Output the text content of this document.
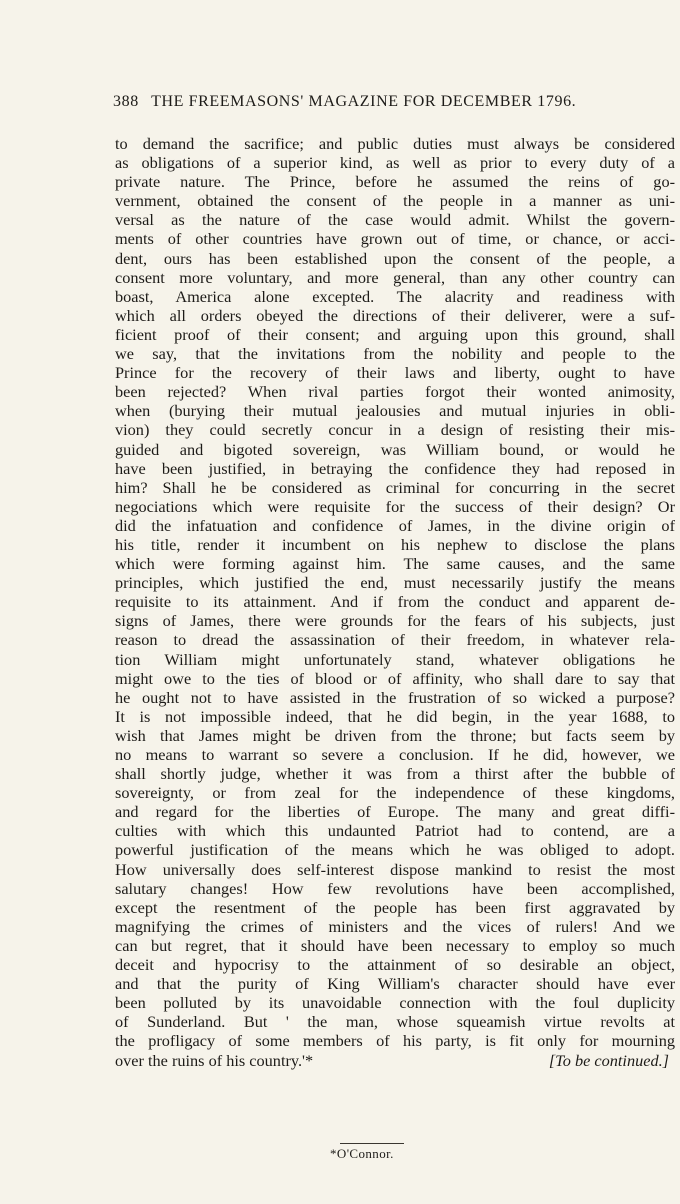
388 THE FREEMASONS' MAGAZINE FOR DECEMBER 1796.
to demand the sacrifice; and public duties must always be considered
as obligations of a superior kind, as well as prior to every duty of a
private nature. The Prince, before he assumed the reins of go-
vernment, obtained the consent of the people in a manner as uni-
versal as the nature of the case would admit. Whilst the govern-
ments of other countries have grown out of time, or chance, or acci-
dent, ours has been established upon the consent of the people, a
consent more voluntary, and more general, than any other country can
boast, America alone excepted. The alacrity and readiness with
which all orders obeyed the directions of their deliverer, were a suf-
ficient proof of their consent; and arguing upon this ground, shall
we say, that the invitations from the nobility and people to the
Prince for the recovery of their laws and liberty, ought to have
been rejected? When rival parties forgot their wonted animosity,
when (burying their mutual jealousies and mutual injuries in obli-
vion) they could secretly concur in a design of resisting their mis-
guided and bigoted sovereign, was William bound, or would he
have been justified, in betraying the confidence they had reposed in
him? Shall he be considered as criminal for concurring in the secret
negociations which were requisite for the success of their design? Or
did the infatuation and confidence of James, in the divine origin of
his title, render it incumbent on his nephew to disclose the plans
which were forming against him. The same causes, and the same
principles, which justified the end, must necessarily justify the means
requisite to its attainment. And if from the conduct and apparent de-
signs of James, there were grounds for the fears of his subjects, just
reason to dread the assassination of their freedom, in whatever rela-
tion William might unfortunately stand, whatever obligations he
might owe to the ties of blood or of affinity, who shall dare to say that
he ought not to have assisted in the frustration of so wicked a purpose?
It is not impossible indeed, that he did begin, in the year 1688, to
wish that James might be driven from the throne; but facts seem by
no means to warrant so severe a conclusion. If he did, however, we
shall shortly judge, whether it was from a thirst after the bubble of
sovereignty, or from zeal for the independence of these kingdoms,
and regard for the liberties of Europe. The many and great diffi-
culties with which this undaunted Patriot had to contend, are a
powerful justification of the means which he was obliged to adopt.
How universally does self-interest dispose mankind to resist the most
salutary changes! How few revolutions have been accomplished,
except the resentment of the people has been first aggravated by
magnifying the crimes of ministers and the vices of rulers! And we
can but regret, that it should have been necessary to employ so much
deceit and hypocrisy to the attainment of so desirable an object,
and that the purity of King William's character should have ever
been polluted by its unavoidable connection with the foul duplicity
of Sunderland. But ' the man, whose squeamish virtue revolts at
the profligacy of some members of his party, is fit only for mourning
over the ruins of his country.'*	[To be continued.]
*O'Connor.
